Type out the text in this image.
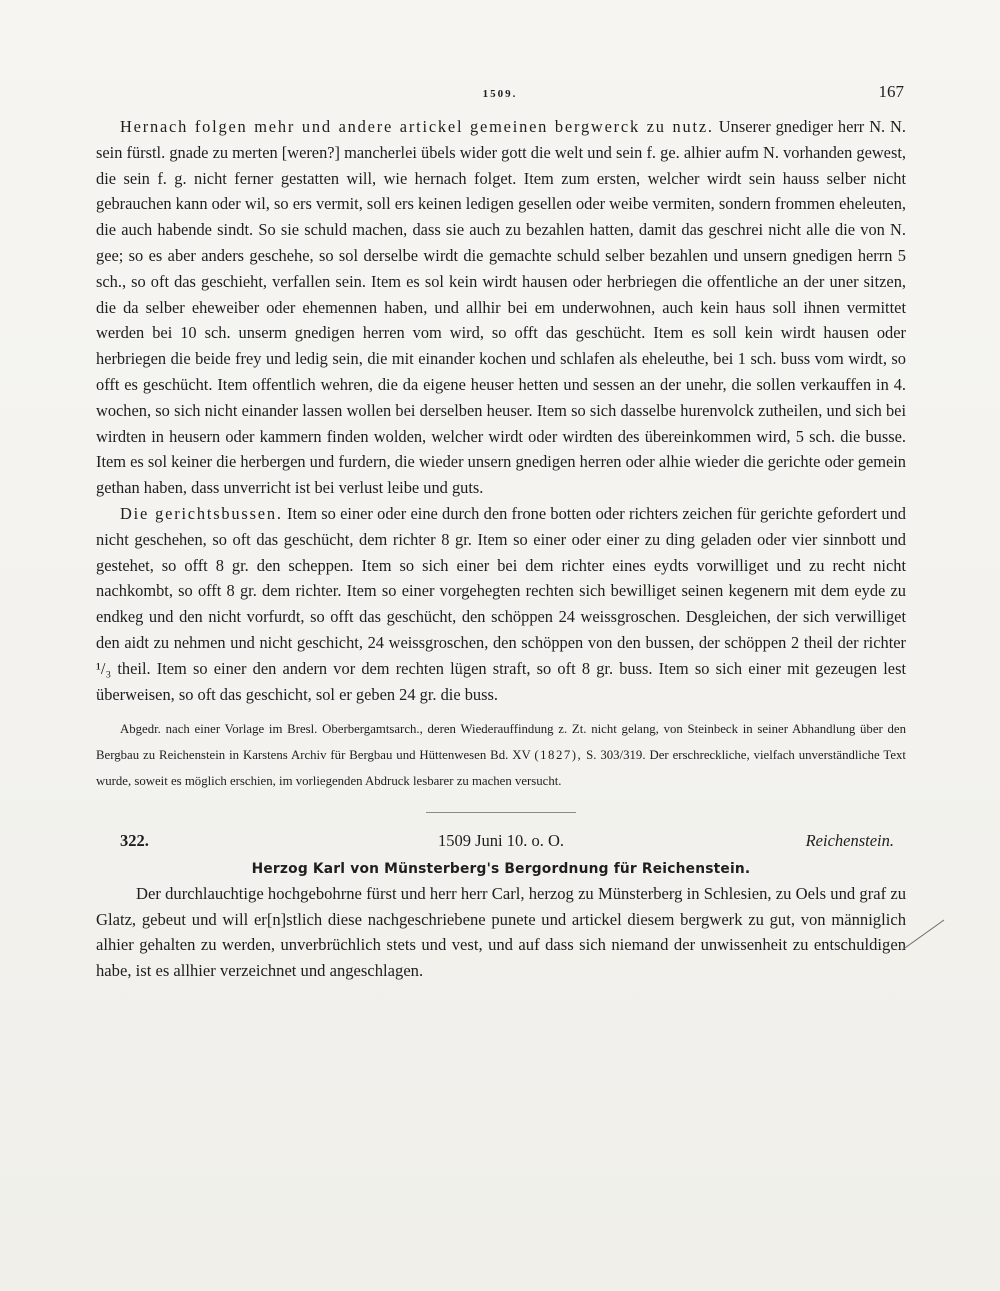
1509.	167

Hernach folgen mehr und andere artickel gemeinen bergwerck zu nutz. Unserer gnediger herr N. N. sein fürstl. gnade zu merten [weren?] mancherlei übels wider gott die welt und sein f. ge. alhier aufm N. vorhanden gewest, die sein f. g. nicht ferner gestatten will, wie hernach folget. Item zum ersten, welcher wirdt sein hauss selber nicht gebrauchen kann oder wil, so ers vermit, soll ers keinen ledigen gesellen oder weibe vermiten, sondern frommen eheleuten, die auch habende sindt. So sie schuld machen, dass sie auch zu bezahlen hatten, damit das geschrei nicht alle die von N. gee; so es aber anders geschehe, so sol derselbe wirdt die gemachte schuld selber bezahlen und unsern gnedigen herrn 5 sch., so oft das geschieht, verfallen sein. Item es sol kein wirdt hausen oder herbriegen die offentliche an der uner sitzen, die da selber eheweiber oder ehemennen haben, und allhir bei em underwohnen, auch kein haus soll ihnen vermittet werden bei 10 sch. unserm gnedigen herren vom wird, so offt das geschücht. Item es soll kein wirdt hausen oder herbriegen die beide frey und ledig sein, die mit einander kochen und schlafen als eheleuthe, bei 1 sch. buss vom wirdt, so offt es geschücht. Item offentlich wehren, die da eigene heuser hetten und sessen an der unehr, die sollen verkauffen in 4. wochen, so sich nicht einander lassen wollen bei derselben heuser. Item so sich dasselbe hurenvolck zutheilen, und sich bei wirdten in heusern oder kammern finden wolden, welcher wirdt oder wirdten des übereinkommen wird, 5 sch. die busse. Item es sol keiner die herbergen und furdern, die wieder unsern gnedigen herren oder alhie wieder die gerichte oder gemein gethan haben, dass unverricht ist bei verlust leibe und guts.

Die gerichtsbussen. Item so einer oder eine durch den frone botten oder richters zeichen für gerichte gefordert und nicht geschehen, so oft das geschücht, dem richter 8 gr. Item so einer oder einer zu ding geladen oder vier sinnbott und gestehet, so offt 8 gr. den scheppen. Item so sich einer bei dem richter eines eydts vorwilliget und zu recht nicht nachkombt, so offt 8 gr. dem richter. Item so einer vorgehegten rechten sich bewilliget seinen kegenern mit dem eyde zu endkeg und den nicht vorfurdt, so offt das geschücht, den schöppen 24 weissgroschen. Desgleichen, der sich verwilliget den aidt zu nehmen und nicht geschicht, 24 weissgroschen, den schöppen von den bussen, der schöppen 2 theil der richter ¹/₃ theil. Item so einer den andern vor dem rechten lügen straft, so oft 8 gr. buss. Item so sich einer mit gezeugen lest überweisen, so oft das geschicht, sol er geben 24 gr. die buss.

Abgedr. nach einer Vorlage im Bresl. Oberbergamtsarch., deren Wiederauffindung z. Zt. nicht gelang, von Steinbeck in seiner Abhandlung über den Bergbau zu Reichenstein in Karstens Archiv für Bergbau und Hüttenwesen Bd. XV (1827), S. 303/319. Der erschreckliche, vielfach unverständliche Text wurde, soweit es möglich erschien, im vorliegenden Abdruck lesbarer zu machen versucht.

322.	1509 Juni 10. o. O.	Reichenstein.
Herzog Karl von Münsterberg's Bergordnung für Reichenstein.

Der durchlauchtige hochgebohrne fürst und herr herr Carl, herzog zu Münsterberg in Schlesien, zu Oels und graf zu Glatz, gebeut und will er[n]stlich diese nachgeschriebene punete und artickel diesem bergwerk zu gut, von männiglich alhier gehalten zu werden, unverbrüchlich stets und vest, und auf dass sich niemand der unwissenheit zu entschuldigen habe, ist es allhier verzeichnet und angeschlagen.
